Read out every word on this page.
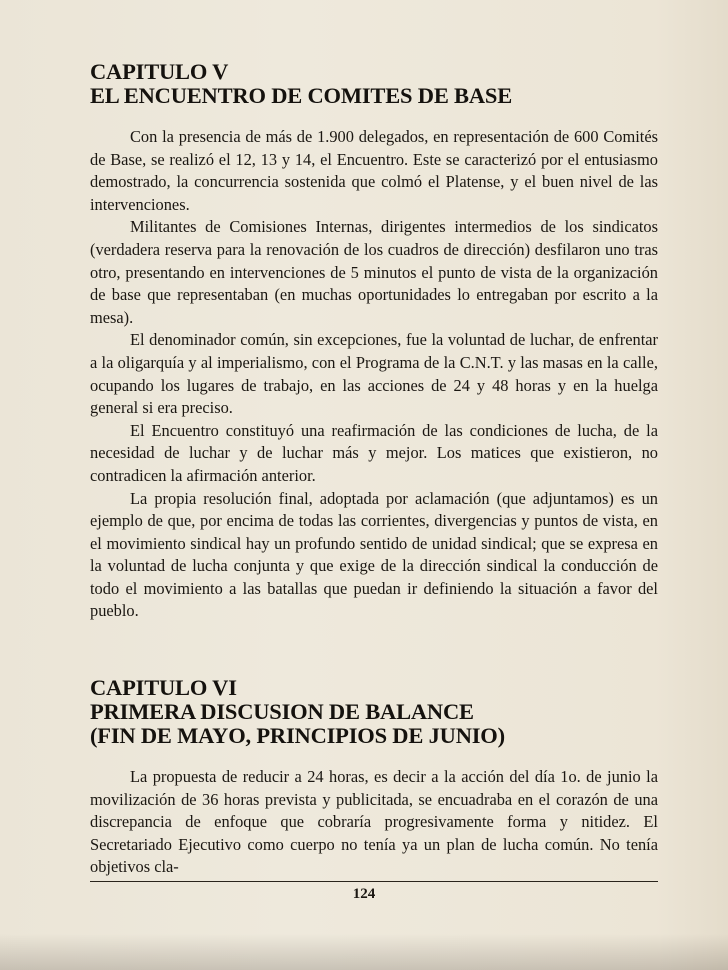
CAPITULO V
EL ENCUENTRO DE COMITES DE BASE

Con la presencia de más de 1.900 delegados, en representación de 600 Comités de Base, se realizó el 12, 13 y 14, el Encuentro. Este se caracterizó por el entusiasmo demostrado, la concurrencia sostenida que colmó el Platense, y el buen nivel de las intervenciones.

Militantes de Comisiones Internas, dirigentes intermedios de los sindicatos (verdadera reserva para la renovación de los cuadros de dirección) desfilaron uno tras otro, presentando en intervenciones de 5 minutos el punto de vista de la organización de base que representaban (en muchas oportunidades lo entregaban por escrito a la mesa).

El denominador común, sin excepciones, fue la voluntad de luchar, de enfrentar a la oligarquía y al imperialismo, con el Programa de la C.N.T. y las masas en la calle, ocupando los lugares de trabajo, en las acciones de 24 y 48 horas y en la huelga general si era preciso.

El Encuentro constituyó una reafirmación de las condiciones de lucha, de la necesidad de luchar y de luchar más y mejor. Los matices que existieron, no contradicen la afirmación anterior.

La propia resolución final, adoptada por aclamación (que adjuntamos) es un ejemplo de que, por encima de todas las corrientes, divergencias y puntos de vista, en el movimiento sindical hay un profundo sentido de unidad sindical; que se expresa en la voluntad de lucha conjunta y que exige de la dirección sindical la conducción de todo el movimiento a las batallas que puedan ir definiendo la situación a favor del pueblo.

CAPITULO VI
PRIMERA DISCUSION DE BALANCE
(FIN DE MAYO, PRINCIPIOS DE JUNIO)

La propuesta de reducir a 24 horas, es decir a la acción del día 1o. de junio la movilización de 36 horas prevista y publicitada, se encuadraba en el corazón de una discrepancia de enfoque que cobraría progresivamente forma y nitidez. El Secretariado Ejecutivo como cuerpo no tenía ya un plan de lucha común. No tenía objetivos cla-

124
